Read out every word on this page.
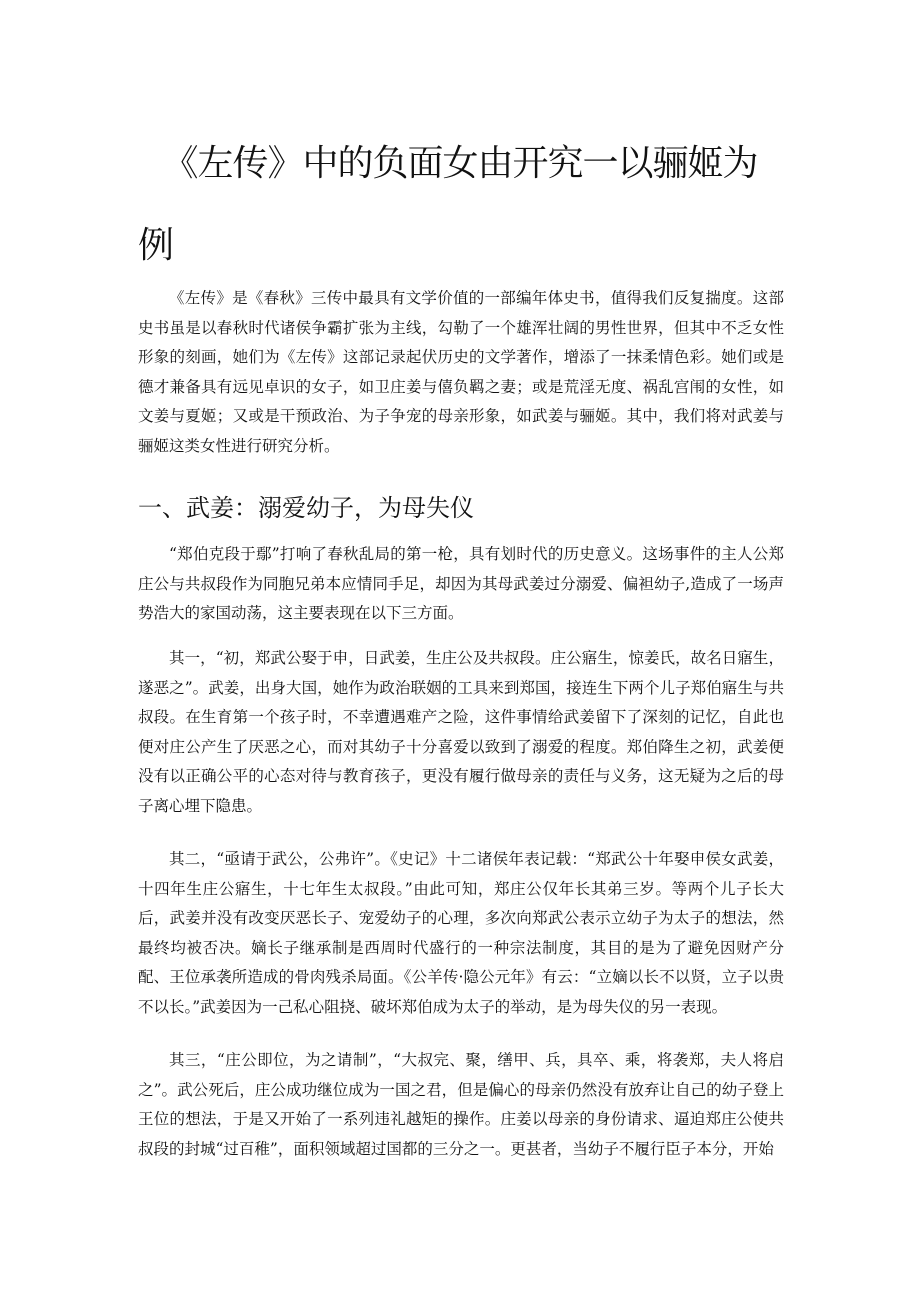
《左传》中的负面女由开究一以骊姬为
例

《左传》是《春秋》三传中最具有文学价值的一部编年体史书，值得我们反复揣度。这部史书虽是以春秋时代诸侯争霸扩张为主线，勾勒了一个雄浑壮阔的男性世界，但其中不乏女性形象的刻画，她们为《左传》这部记录起伏历史的文学著作，增添了一抹柔情色彩。她们或是德才兼备具有远见卓识的女子，如卫庄姜与僖负羁之妻；或是荒淫无度、祸乱宫闱的女性，如文姜与夏姬；又或是干预政治、为子争宠的母亲形象，如武姜与骊姬。其中，我们将对武姜与骊姬这类女性进行研究分析。

一、武姜：溺爱幼子，为母失仪

“郑伯克段于鄢”打响了春秋乱局的第一枪，具有划时代的历史意义。这场事件的主人公郑庄公与共叔段作为同胞兄弟本应情同手足，却因为其母武姜过分溺爱、偏袒幼子,造成了一场声势浩大的家国动荡，这主要表现在以下三方面。

其一，“初，郑武公娶于申，日武姜，生庄公及共叔段。庄公寤生，惊姜氏，故名日寤生，遂恶之”。武姜，出身大国，她作为政治联姻的工具来到郑国，接连生下两个儿子郑伯寤生与共叔段。在生育第一个孩子时，不幸遭遇难产之险，这件事情给武姜留下了深刻的记忆，自此也便对庄公产生了厌恶之心，而对其幼子十分喜爱以致到了溺爱的程度。郑伯降生之初，武姜便没有以正确公平的心态对待与教育孩子，更没有履行做母亲的责任与义务，这无疑为之后的母子离心埋下隐患。

其二，“亟请于武公，公弗许”。《史记》十二诸侯年表记载：“郑武公十年娶申侯女武姜，十四年生庄公寤生，十七年生太叔段。”由此可知，郑庄公仅年长其弟三岁。等两个儿子长大后，武姜并没有改变厌恶长子、宠爱幼子的心理，多次向郑武公表示立幼子为太子的想法，然最终均被否决。嫡长子继承制是西周时代盛行的一种宗法制度，其目的是为了避免因财产分配、王位承袭所造成的骨肉残杀局面。《公羊传·隐公元年》有云：“立嫡以长不以贤，立子以贵不以长。”武姜因为一己私心阻挠、破坏郑伯成为太子的举动，是为母失仪的另一表现。

其三，“庄公即位，为之请制”，“大叔完、聚，缮甲、兵，具卒、乘，将袭郑，夫人将启之”。武公死后，庄公成功继位成为一国之君，但是偏心的母亲仍然没有放弃让自己的幼子登上王位的想法，于是又开始了一系列违礼越矩的操作。庄姜以母亲的身份请求、逼迫郑庄公使共叔段的封城“过百稚”，面积领域超过国都的三分之一。更甚者，当幼子不履行臣子本分，开始
